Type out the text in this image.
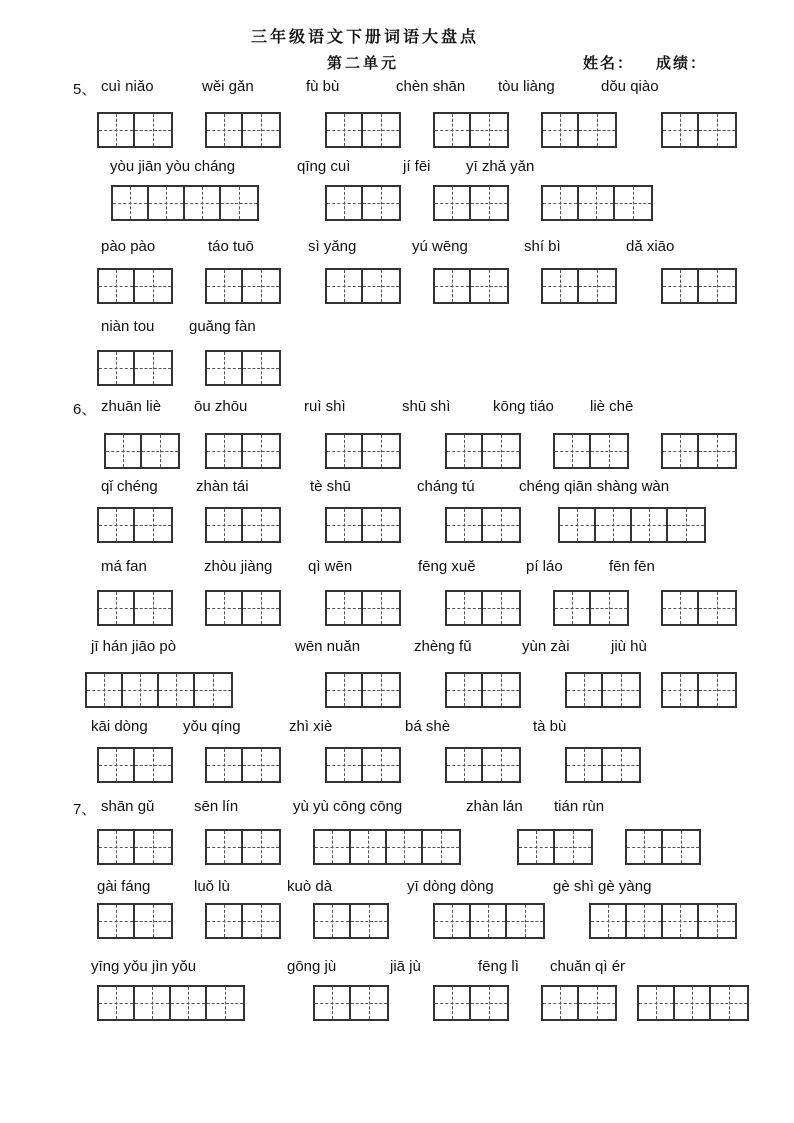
三年级语文下册词语大盘点
第二单元	姓名： 成绩：
5、 cuì niǎo	wěi gǎn	fù bù	chèn shān tòu liàng	dǒu qiào
yòu jiān yòu cháng	qīng cuì	jí fēi yī zhǎ yǎn
pào pào	táo tuō	sì yǎng	yú wēng	shí bì	dǎ xiāo
niàn tou guǎng fàn
6、 zhuān liè ōu zhōu	ruì shì	shū shì	kōng tiáo liè chē
qǐ chéng	zhàn tái	tè shū	cháng tú	chéng qiān shàng wàn
má fan	zhòu jiàng qì wēn	fēng xuě	pí láo	fēn fēn
jī hán jiāo pò	wēn nuǎn	zhèng fǔ	yùn zài	jiù hù
kāi dòng yǒu qíng	zhì xiè	bá shè	tà bù
7、 shān gǔ	sēn lín	yù yù cōng cōng	zhàn lán tián rùn
gài fáng	luǒ lù	kuò dà	yī dòng dòng	gè shì gè yàng
yīng yǒu jìn yǒu	gōng jù	jiā jù	fēng lì chuǎn qì ér
